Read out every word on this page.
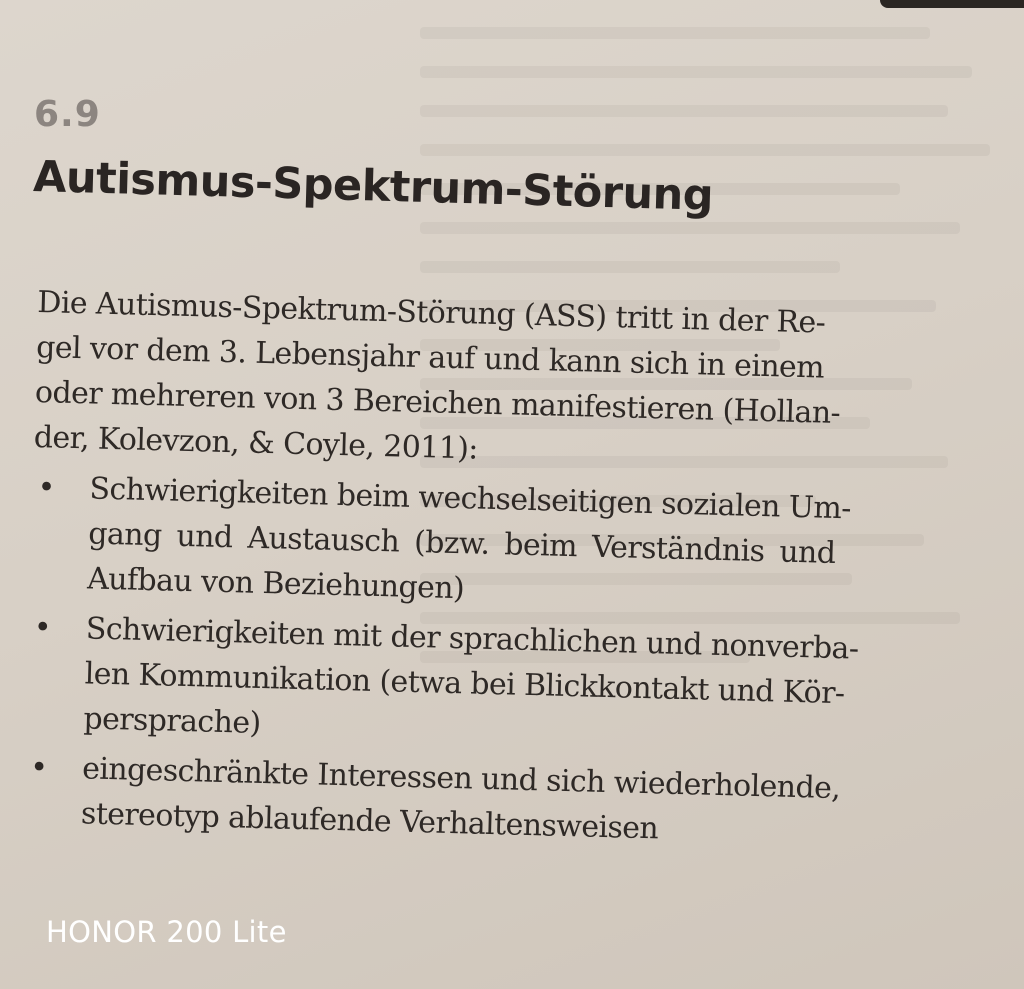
6.9
Autismus-Spektrum-Störung
Die Autismus-Spektrum-Störung (ASS) tritt in der Re-
gel vor dem 3. Lebensjahr auf und kann sich in einem
oder mehreren von 3 Bereichen manifestieren (Hollan-
der, Kolevzon, & Coyle, 2011):
• Schwierigkeiten beim wechselseitigen sozialen Um-
gang und Austausch (bzw. beim Verständnis und
Aufbau von Beziehungen)
• Schwierigkeiten mit der sprachlichen und nonverba-
len Kommunikation (etwa bei Blickkontakt und Kör-
persprache)
• eingeschränkte Interessen und sich wiederholende,
stereotyp ablaufende Verhaltensweisen
HONOR 200 Lite
